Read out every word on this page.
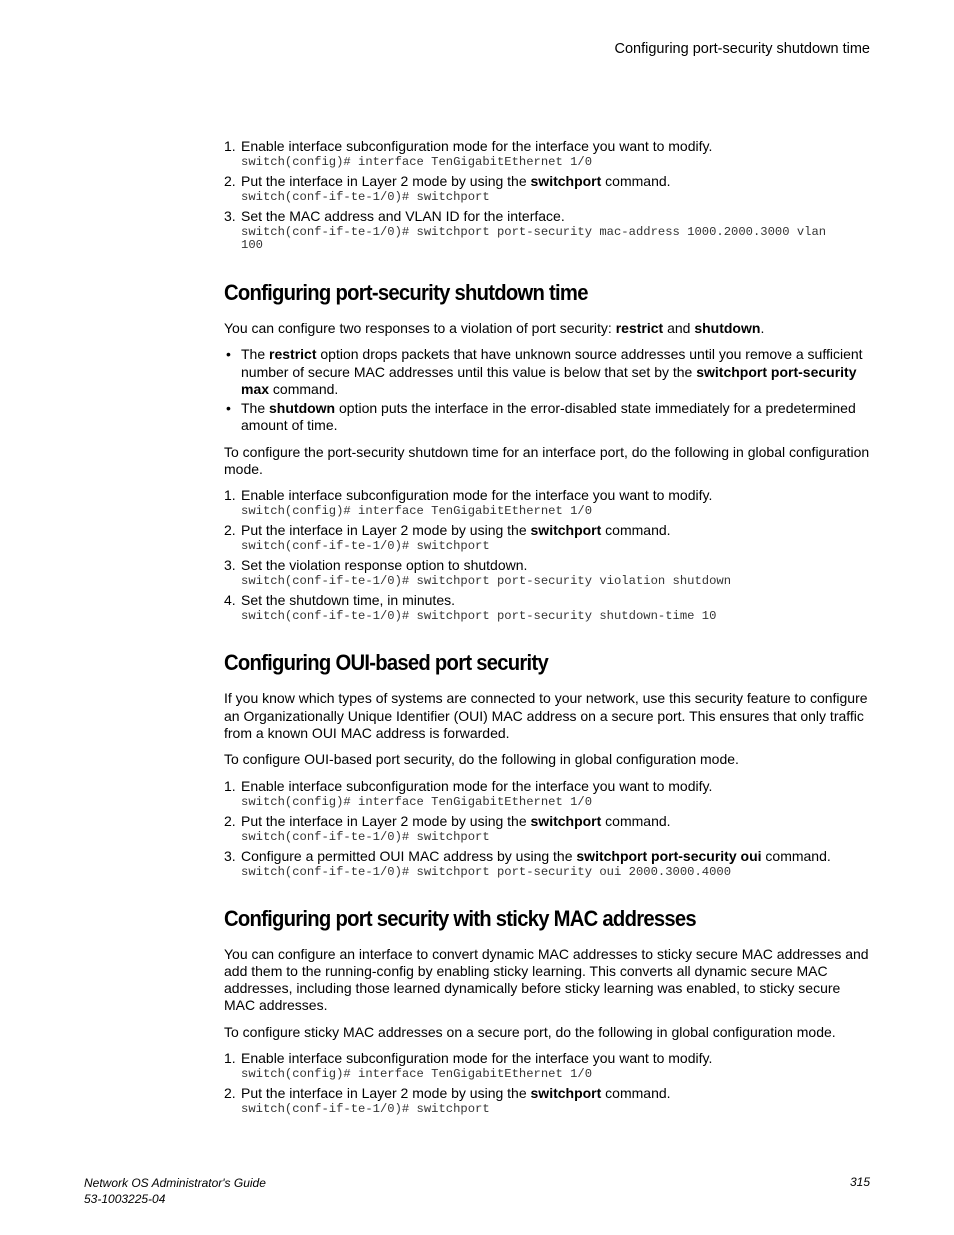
Configuring port-security shutdown time
1. Enable interface subconfiguration mode for the interface you want to modify.
switch(config)# interface TenGigabitEthernet 1/0
2. Put the interface in Layer 2 mode by using the switchport command.
switch(conf-if-te-1/0)# switchport
3. Set the MAC address and VLAN ID for the interface.
switch(conf-if-te-1/0)# switchport port-security mac-address 1000.2000.3000 vlan
100
Configuring port-security shutdown time

You can configure two responses to a violation of port security: restrict and shutdown.

• The restrict option drops packets that have unknown source addresses until you remove a sufficient number of secure MAC addresses until this value is below that set by the switchport port-security max command.
• The shutdown option puts the interface in the error-disabled state immediately for a predetermined amount of time.

To configure the port-security shutdown time for an interface port, do the following in global configuration mode.

1. Enable interface subconfiguration mode for the interface you want to modify.
switch(config)# interface TenGigabitEthernet 1/0
2. Put the interface in Layer 2 mode by using the switchport command.
switch(conf-if-te-1/0)# switchport
3. Set the violation response option to shutdown.
switch(conf-if-te-1/0)# switchport port-security violation shutdown
4. Set the shutdown time, in minutes.
switch(conf-if-te-1/0)# switchport port-security shutdown-time 10
Configuring OUI-based port security

If you know which types of systems are connected to your network, use this security feature to configure an Organizationally Unique Identifier (OUI) MAC address on a secure port. This ensures that only traffic from a known OUI MAC address is forwarded.

To configure OUI-based port security, do the following in global configuration mode.

1. Enable interface subconfiguration mode for the interface you want to modify.
switch(config)# interface TenGigabitEthernet 1/0
2. Put the interface in Layer 2 mode by using the switchport command.
switch(conf-if-te-1/0)# switchport
3. Configure a permitted OUI MAC address by using the switchport port-security oui command.
switch(conf-if-te-1/0)# switchport port-security oui 2000.3000.4000
Configuring port security with sticky MAC addresses

You can configure an interface to convert dynamic MAC addresses to sticky secure MAC addresses and add them to the running-config by enabling sticky learning. This converts all dynamic secure MAC addresses, including those learned dynamically before sticky learning was enabled, to sticky secure MAC addresses.

To configure sticky MAC addresses on a secure port, do the following in global configuration mode.

1. Enable interface subconfiguration mode for the interface you want to modify.
switch(config)# interface TenGigabitEthernet 1/0
2. Put the interface in Layer 2 mode by using the switchport command.
switch(conf-if-te-1/0)# switchport
Network OS Administrator's Guide
53-1003225-04
315
